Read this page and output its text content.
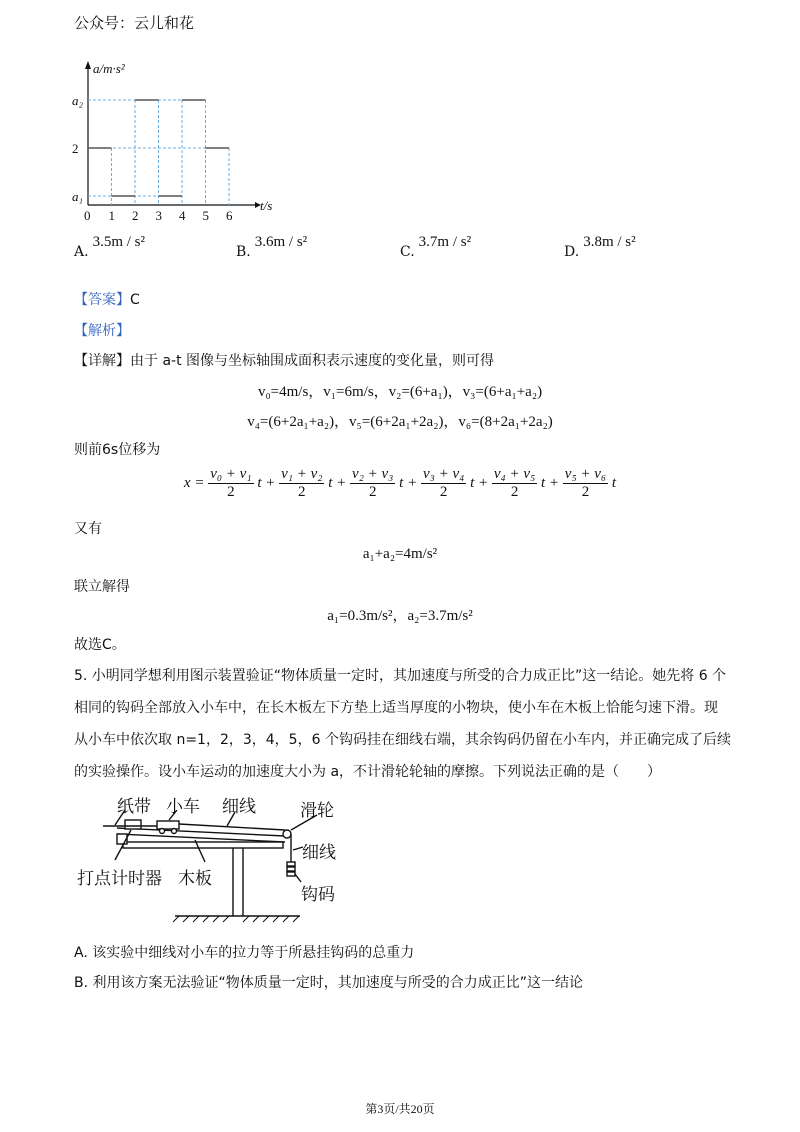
公众号：云儿和花
0 1 2 3 4 5 6
a₁
2
a₂
a/m·s²
t/s
A.3.5m / s²
B.3.6m / s²
C.3.7m / s²
D.3.8m / s²
【答案】C
【解析】
【详解】由于 a-t 图像与坐标轴围成面积表示速度的变化量，则可得
v₀=4m/s，v₁=6m/s，v₂=(6+a₁)，v₃=(6+a₁+a₂)
v₄=(6+2a₁+a₂)，v₅=(6+2a₁+2a₂)，v₆=(8+2a₁+2a₂)
则前6s位移为
$x = \frac{\text{v₀ + v₁}}{2}$ $t + \frac{\text{v₁ + v₂}}{2}$ $t + \frac{\text{v₂ + v₃}}{2}$ $t + \frac{\text{v₃ + v₄}}{2}$ $t + \frac{\text{v₄ + v₅}}{2}$ $t + \frac{\text{v₅ + v₆}}{2}$ t
又有
a₁+a₂=4m/s²
联立解得
a₁=0.3m/s²，a₂=3.7m/s²
故选C。
5. 小明同学想利用图示装置验证“物体质量一定时，其加速度与所受的合力成正比”这一结论。她先将 6 个
相同的钩码全部放入小车中，在长木板左下方垫上适当厚度的小物块，使小车在木板上恰能匀速下滑。现
从小车中依次取 n=1，2，3，4，5，6 个钩码挂在细线右端，其余钩码仍留在小车内，并正确完成了后续
的实验操作。设小车运动的加速度大小为 a，不计滑轮轮轴的摩擦。下列说法正确的是（　　）
纸带 小车 细线	滑轮
细线
打点计时器 木板
钩码
A. 该实验中细线对小车的拉力等于所悬挂钩码的总重力
B. 利用该方案无法验证“物体质量一定时，其加速度与所受的合力成正比”这一结论
第3页/共20页
